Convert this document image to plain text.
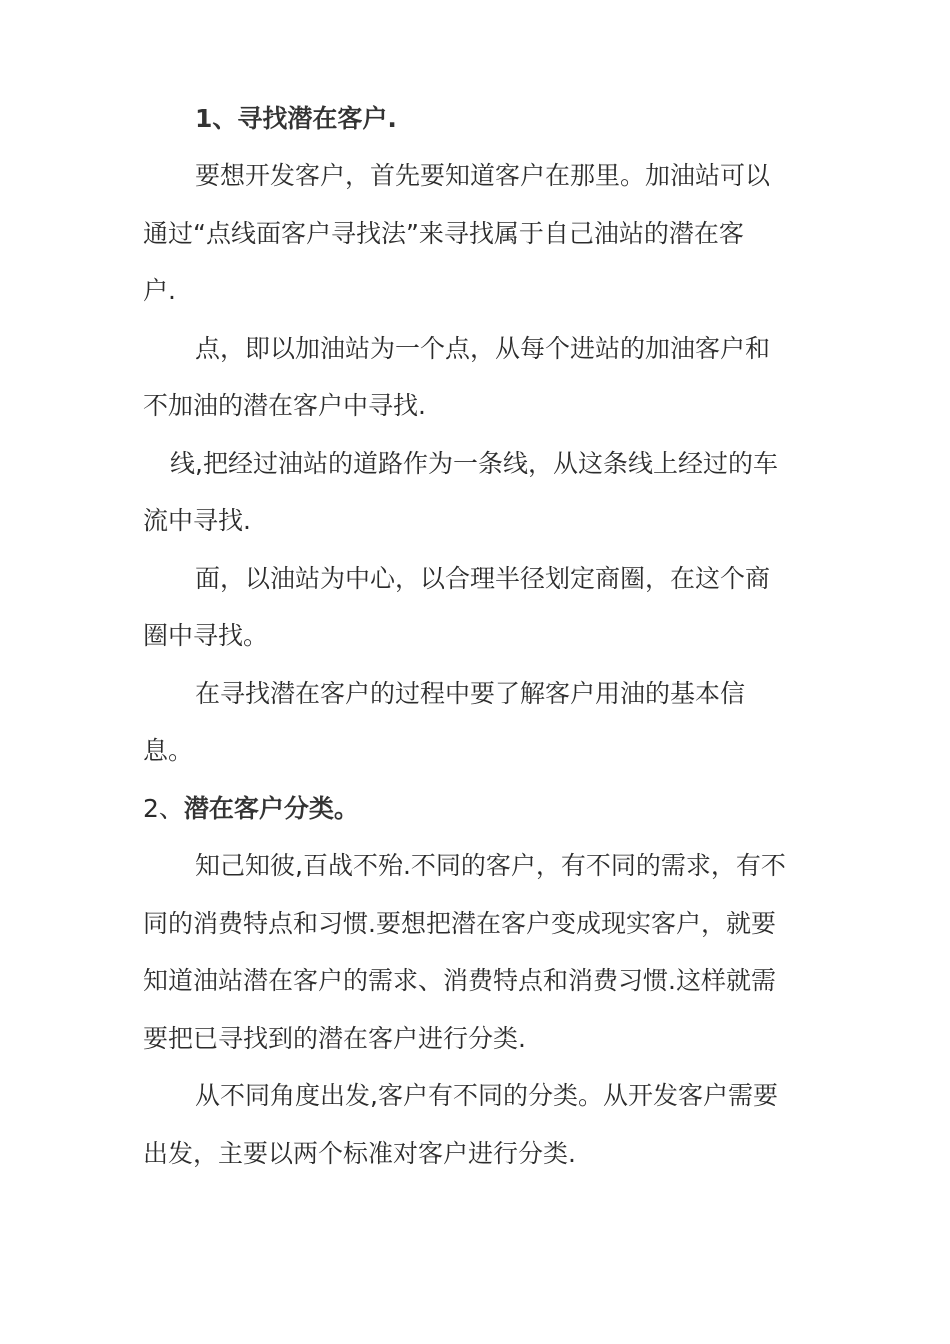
1、寻找潜在客户.
要想开发客户，首先要知道客户在那里。加油站可以
通过“点线面客户寻找法”来寻找属于自己油站的潜在客
户.
点，即以加油站为一个点，从每个进站的加油客户和
不加油的潜在客户中寻找.
线,把经过油站的道路作为一条线，从这条线上经过的车
流中寻找.
面，以油站为中心，以合理半径划定商圈，在这个商
圈中寻找。
在寻找潜在客户的过程中要了解客户用油的基本信
息。
2、潜在客户分类。
知己知彼,百战不殆.不同的客户，有不同的需求，有不
同的消费特点和习惯.要想把潜在客户变成现实客户，就要
知道油站潜在客户的需求、消费特点和消费习惯.这样就需
要把已寻找到的潜在客户进行分类.
从不同角度出发,客户有不同的分类。从开发客户需要
出发，主要以两个标准对客户进行分类.
